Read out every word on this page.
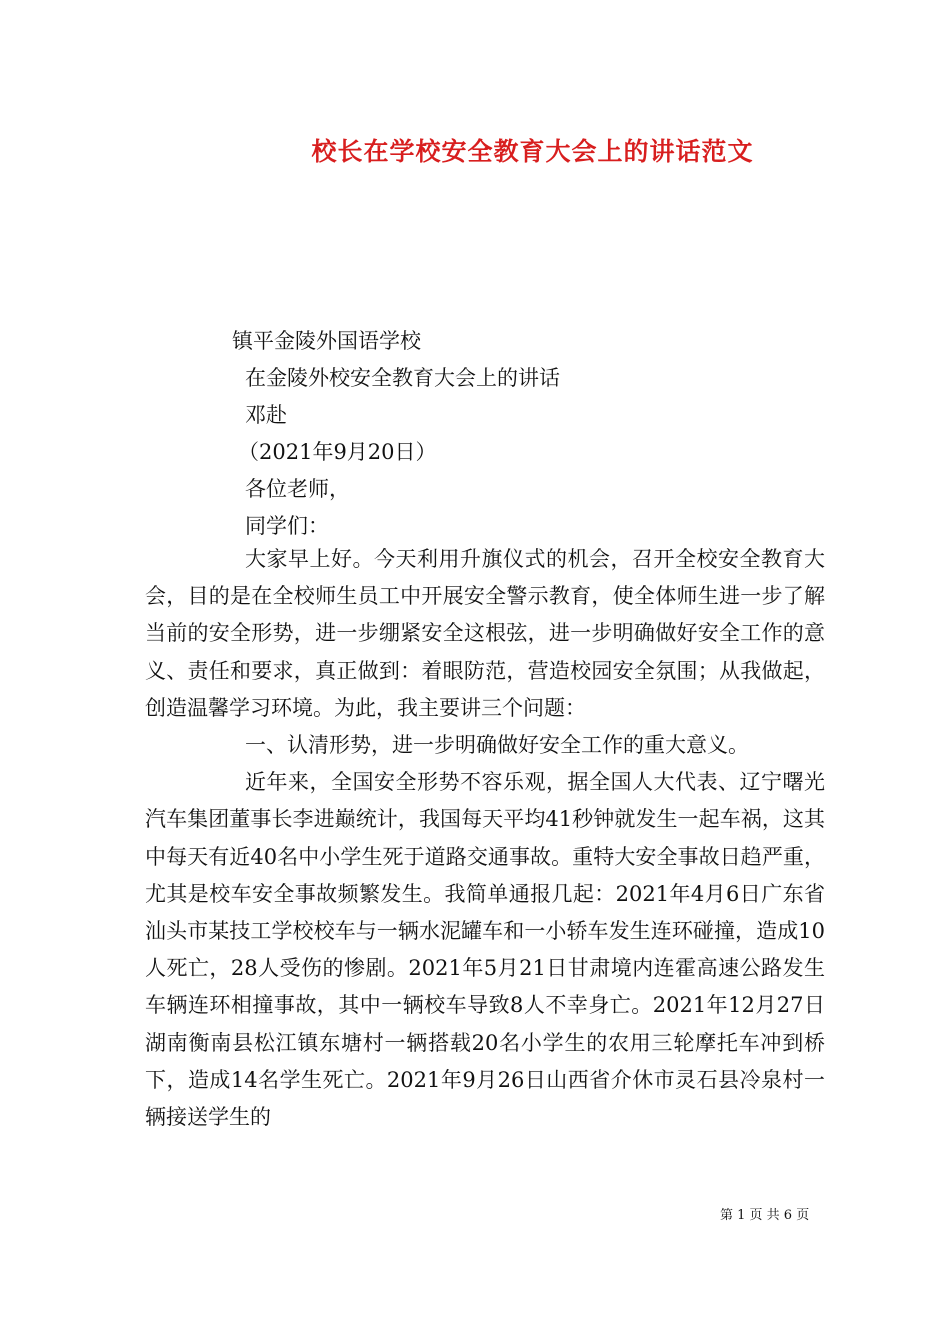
校长在学校安全教育大会上的讲话范文
镇平金陵外国语学校
在金陵外校安全教育大会上的讲话
邓赴
（2021年9月20日）
各位老师，
同学们：

大家早上好。今天利用升旗仪式的机会，召开全校安全教育大会，目的是在全校师生员工中开展安全警示教育，使全体师生进一步了解当前的安全形势，进一步绷紧安全这根弦，进一步明确做好安全工作的意义、责任和要求，真正做到：着眼防范，营造校园安全氛围；从我做起，创造温馨学习环境。为此，我主要讲三个问题：

一、认清形势，进一步明确做好安全工作的重大意义。

近年来，全国安全形势不容乐观，据全国人大代表、辽宁曙光汽车集团董事长李进巅统计，我国每天平均41秒钟就发生一起车祸，这其中每天有近40名中小学生死于道路交通事故。重特大安全事故日趋严重，尤其是校车安全事故频繁发生。我简单通报几起：2021年4月6日广东省汕头市某技工学校校车与一辆水泥罐车和一小轿车发生连环碰撞，造成10人死亡，28人受伤的惨剧。2021年5月21日甘肃境内连霍高速公路发生车辆连环相撞事故，其中一辆校车导致8人不幸身亡。2021年12月27日湖南衡南县松江镇东塘村一辆搭载20名小学生的农用三轮摩托车冲到桥下，造成14名学生死亡。2021年9月26日山西省介休市灵石县冷泉村一辆接送学生的

第 1 页 共 6 页
